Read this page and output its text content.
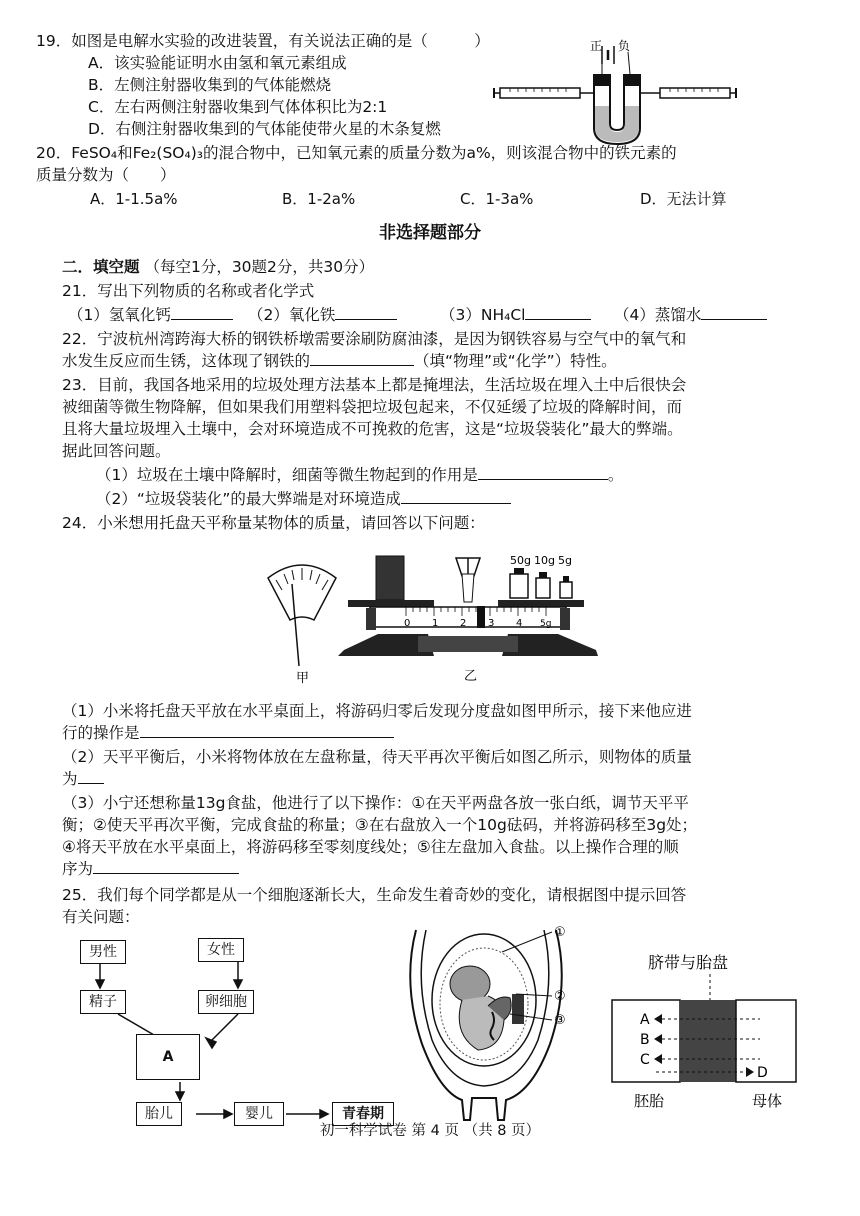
19．如图是电解水实验的改进装置，有关说法正确的是（　　　）
A．该实验能证明水由氢和氧元素组成
B．左侧注射器收集到的气体能燃烧
C．左右两侧注射器收集到气体体积比为2:1
D．右侧注射器收集到的气体能使带火星的木条复燃
正 负
20．FeSO₄和Fe₂(SO₄)₃的混合物中，已知氧元素的质量分数为a%，则该混合物中的铁元素的
质量分数为（　　）
A．1-1.5a%	B．1-2a%	C．1-3a%	D．无法计算
非选择题部分
二．填空题 （每空1分，30题2分，共30分）
21．写出下列物质的名称或者化学式
（1）氢氧化钙	（2）氧化铁	（3）NH₄Cl	（4）蒸馏水
22．宁波杭州湾跨海大桥的钢铁桥墩需要涂刷防腐油漆，是因为钢铁容易与空气中的氧气和
水发生反应而生锈，这体现了钢铁的	（填“物理”或“化学”）特性。
23．目前，我国各地采用的垃圾处理方法基本上都是掩埋法，生活垃圾在埋入土中后很快会
被细菌等微生物降解，但如果我们用塑料袋把垃圾包起来，不仅延缓了垃圾的降解时间，而
且将大量垃圾埋入土壤中，会对环境造成不可挽救的危害，这是“垃圾袋装化”最大的弊端。
据此回答问题。
（1）垃圾在土壤中降解时，细菌等微生物起到的作用是	。
（2）“垃圾袋装化”的最大弊端是对环境造成
24．小米想用托盘天平称量某物体的质量，请回答以下问题：
甲
50g 10g 5g
0 1 2 3 4 5g
乙
（1）小米将托盘天平放在水平桌面上，将游码归零后发现分度盘如图甲所示，接下来他应进
行的操作是
（2）天平平衡后，小米将物体放在左盘称量，待天平再次平衡后如图乙所示，则物体的质量
为
（3）小宁还想称量13g食盐，他进行了以下操作：①在天平两盘各放一张白纸，调节天平平
衡；②使天平再次平衡，完成食盐的称量；③在右盘放入一个10g砝码，并将游码移至3g处；
④将天平放在水平桌面上，将游码移至零刻度线处；⑤往左盘加入食盐。以上操作合理的顺
序为
25．我们每个同学都是从一个细胞逐渐长大，生命发生着奇妙的变化，请根据图中提示回答
有关问题：
男性	女性
精子	卵细胞
A
胎儿	婴儿	青春期
①
②
③
脐带与胎盘
A
B
C
D
胚胎	母体
初一科学试卷 第 4 页 （共 8 页）
